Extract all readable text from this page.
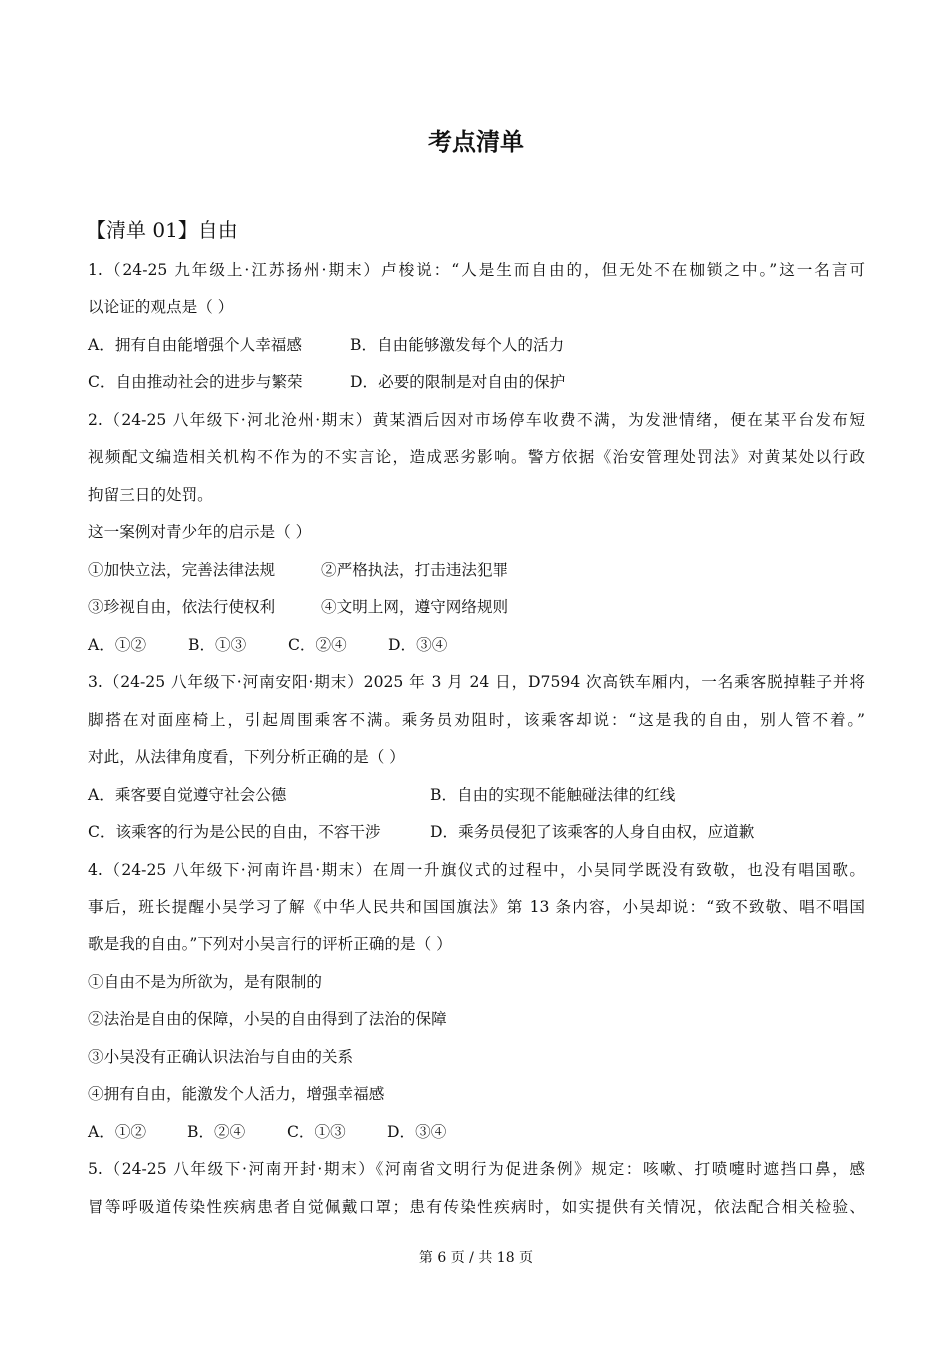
考点清单
【清单 01】自由
1.（24-25 九年级上·江苏扬州·期末）卢梭说：“人是生而自由的，但无处不在枷锁之中。”这一名言可
以论证的观点是（ ）
A．拥有自由能增强个人幸福感	B．自由能够激发每个人的活力
C．自由推动社会的进步与繁荣	D．必要的限制是对自由的保护
2.（24-25 八年级下·河北沧州·期末）黄某酒后因对市场停车收费不满，为发泄情绪，便在某平台发布短
视频配文编造相关机构不作为的不实言论，造成恶劣影响。警方依据《治安管理处罚法》对黄某处以行政
拘留三日的处罚。
这一案例对青少年的启示是（ ）
①加快立法，完善法律法规	②严格执法，打击违法犯罪
③珍视自由，依法行使权利	④文明上网，遵守网络规则
A．①②	B．①③	C．②④	D．③④
3.（24-25 八年级下·河南安阳·期末）2025 年 3 月 24 日，D7594 次高铁车厢内，一名乘客脱掉鞋子并将
脚搭在对面座椅上，引起周围乘客不满。乘务员劝阻时，该乘客却说：“这是我的自由，别人管不着。”
对此，从法律角度看，下列分析正确的是（ ）
A．乘客要自觉遵守社会公德	B．自由的实现不能触碰法律的红线
C．该乘客的行为是公民的自由，不容干涉	D．乘务员侵犯了该乘客的人身自由权，应道歉
4.（24-25 八年级下·河南许昌·期末）在周一升旗仪式的过程中，小吴同学既没有致敬，也没有唱国歌。
事后，班长提醒小吴学习了解《中华人民共和国国旗法》第 13 条内容，小吴却说：“致不致敬、唱不唱国
歌是我的自由。”下列对小吴言行的评析正确的是（ ）
①自由不是为所欲为，是有限制的
②法治是自由的保障，小吴的自由得到了法治的保障
③小吴没有正确认识法治与自由的关系
④拥有自由，能激发个人活力，增强幸福感
A．①②	B．②④	C．①③	D．③④
5.（24-25 八年级下·河南开封·期末）《河南省文明行为促进条例》规定：咳嗽、打喷嚏时遮挡口鼻，感
冒等呼吸道传染性疾病患者自觉佩戴口罩；患有传染性疾病时，如实提供有关情况，依法配合相关检验、
第 6 页 / 共 18 页
